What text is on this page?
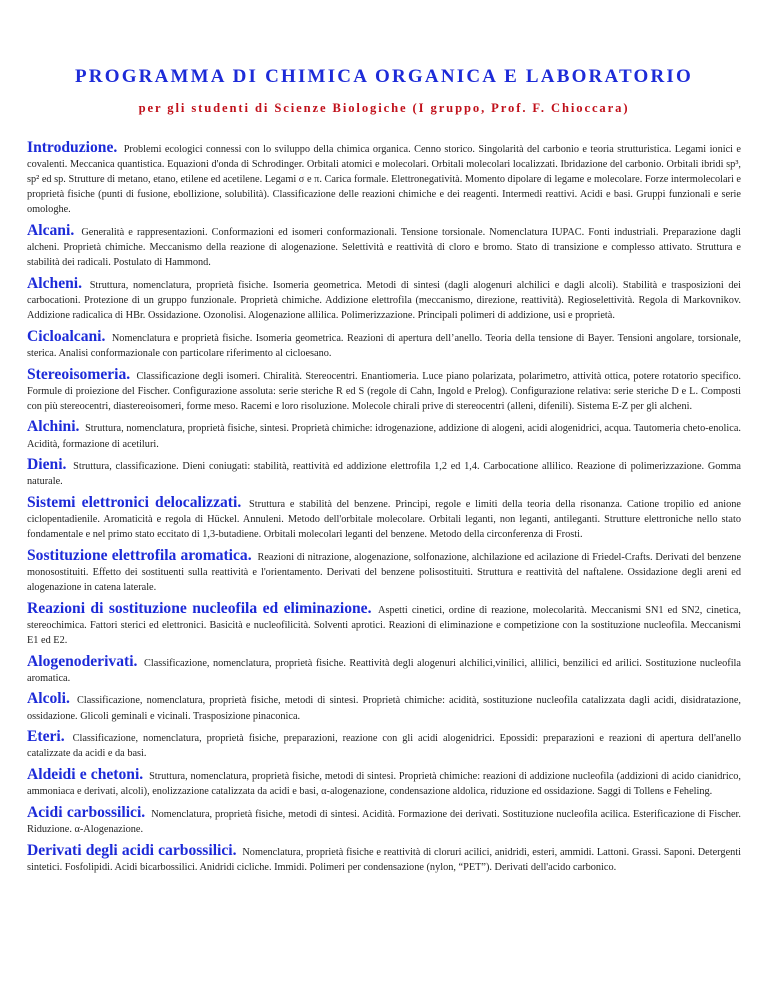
PROGRAMMA DI CHIMICA ORGANICA E LABORATORIO
per gli studenti di Scienze Biologiche (I gruppo, Prof. F. Chioccara)

Introduzione. Problemi ecologici connessi con lo sviluppo della chimica organica. Cenno storico. Singolarità del carbonio e teoria strutturistica. Legami ionici e covalenti. Meccanica quantistica. Equazioni d'onda di Schrodinger. Orbitali atomici e molecolari. Orbitali molecolari localizzati. Ibridazione del carbonio. Orbitali ibridi sp³, sp² ed sp. Strutture di metano, etano, etilene ed acetilene. Legami σ e π. Carica formale. Elettronegatività. Momento dipolare di legame e molecolare. Forze intermolecolari e proprietà fisiche (punti di fusione, ebollizione, solubilità). Classificazione delle reazioni chimiche e dei reagenti. Intermedi reattivi. Acidi e basi. Gruppi funzionali e serie omologhe.

Alcani. Generalità e rappresentazioni. Conformazioni ed isomeri conformazionali. Tensione torsionale. Nomenclatura IUPAC. Fonti industriali. Preparazione dagli alcheni. Proprietà chimiche. Meccanismo della reazione di alogenazione. Selettività e reattività di cloro e bromo. Stato di transizione e complesso attivato. Struttura e stabilità dei radicali. Postulato di Hammond.

Alcheni. Struttura, nomenclatura, proprietà fisiche. Isomeria geometrica. Metodi di sintesi (dagli alogenuri alchilici e dagli alcoli). Stabilità e trasposizioni dei carbocationi. Protezione di un gruppo funzionale. Proprietà chimiche. Addizione elettrofila (meccanismo, direzione, reattività). Regioselettività. Regola di Markovnikov. Addizione radicalica di HBr. Ossidazione. Ozonolisi. Alogenazione allilica. Polimerizzazione. Principali polimeri di addizione, usi e proprietà.

Cicloalcani. Nomenclatura e proprietà fisiche. Isomeria geometrica. Reazioni di apertura dell’anello. Teoria della tensione di Bayer. Tensioni angolare, torsionale, sterica. Analisi conformazionale con particolare riferimento al cicloesano.

Stereoisomeria. Classificazione degli isomeri. Chiralità. Stereocentri. Enantiomeria. Luce piano polarizata, polarimetro, attività ottica, potere rotatorio specifico. Formule di proiezione del Fischer. Configurazione assoluta: serie steriche R ed S (regole di Cahn, Ingold e Prelog). Configurazione relativa: serie steriche D e L. Composti con più stereocentri, diastereoisomeri, forme meso. Racemi e loro risoluzione. Molecole chirali prive di stereocentri (alleni, difenili). Sistema E-Z per gli alcheni.

Alchini. Struttura, nomenclatura, proprietà fisiche, sintesi. Proprietà chimiche: idrogenazione, addizione di alogeni, acidi alogenidrici, acqua. Tautomeria cheto-enolica. Acidità, formazione di acetiluri.

Dieni. Struttura, classificazione. Dieni coniugati: stabilità, reattività ed addizione elettrofila 1,2 ed 1,4. Carbocatione allilico. Reazione di polimerizzazione. Gomma naturale.

Sistemi elettronici delocalizzati. Struttura e stabilità del benzene. Principi, regole e limiti della teoria della risonanza. Catione tropilio ed anione ciclopentadienile. Aromaticità e regola di Hückel. Annuleni. Metodo dell'orbitale molecolare. Orbitali leganti, non leganti, antileganti. Strutture elettroniche nello stato fondamentale e nel primo stato eccitato di 1,3-butadiene. Orbitali molecolari leganti del benzene. Metodo della circonferenza di Frosti.

Sostituzione elettrofila aromatica. Reazioni di nitrazione, alogenazione, solfonazione, alchilazione ed acilazione di Friedel-Crafts. Derivati del benzene monosostituiti. Effetto dei sostituenti sulla reattività e l'orientamento. Derivati del benzene polisostituiti. Struttura e reattività del naftalene. Ossidazione degli areni ed alogenazione in catena laterale.

Reazioni di sostituzione nucleofila ed eliminazione. Aspetti cinetici, ordine di reazione, molecolarità. Meccanismi SN1 ed SN2, cinetica, stereochimica. Fattori sterici ed elettronici. Basicità e nucleofilicità. Solventi aprotici. Reazioni di eliminazione e competizione con la sostituzione nucleofila. Meccanismi E1 ed E2.

Alogenoderivati. Classificazione, nomenclatura, proprietà fisiche. Reattività degli alogenuri alchilici,vinilici, allilici, benzilici ed arilici. Sostituzione nucleofila aromatica.

Alcoli. Classificazione, nomenclatura, proprietà fisiche, metodi di sintesi. Proprietà chimiche: acidità, sostituzione nucleofila catalizzata dagli acidi, disidratazione, ossidazione. Glicoli geminali e vicinali. Trasposizione pinaconica.

Eteri. Classificazione, nomenclatura, proprietà fisiche, preparazioni, reazione con gli acidi alogenidrici. Epossidi: preparazioni e reazioni di apertura dell'anello catalizzate da acidi e da basi.

Aldeidi e chetoni. Struttura, nomenclatura, proprietà fisiche, metodi di sintesi. Proprietà chimiche: reazioni di addizione nucleofila (addizioni di acido cianidrico, ammoniaca e derivati, alcoli), enolizzazione catalizzata da acidi e basi, α-alogenazione, condensazione aldolica, riduzione ed ossidazione. Saggi di Tollens e Feheling.

Acidi carbossilici. Nomenclatura, proprietà fisiche, metodi di sintesi. Acidità. Formazione dei derivati. Sostituzione nucleofila acilica. Esterificazione di Fischer. Riduzione. α-Alogenazione.

Derivati degli acidi carbossilici. Nomenclatura, proprietà fisiche e reattività di cloruri acilici, anidridi, esteri, ammidi. Lattoni. Grassi. Saponi. Detergenti sintetici. Fosfolipidi. Acidi bicarbossilici. Anidridi cicliche. Immidi. Polimeri per condensazione (nylon, “PET”). Derivati dell'acido carbonico.
